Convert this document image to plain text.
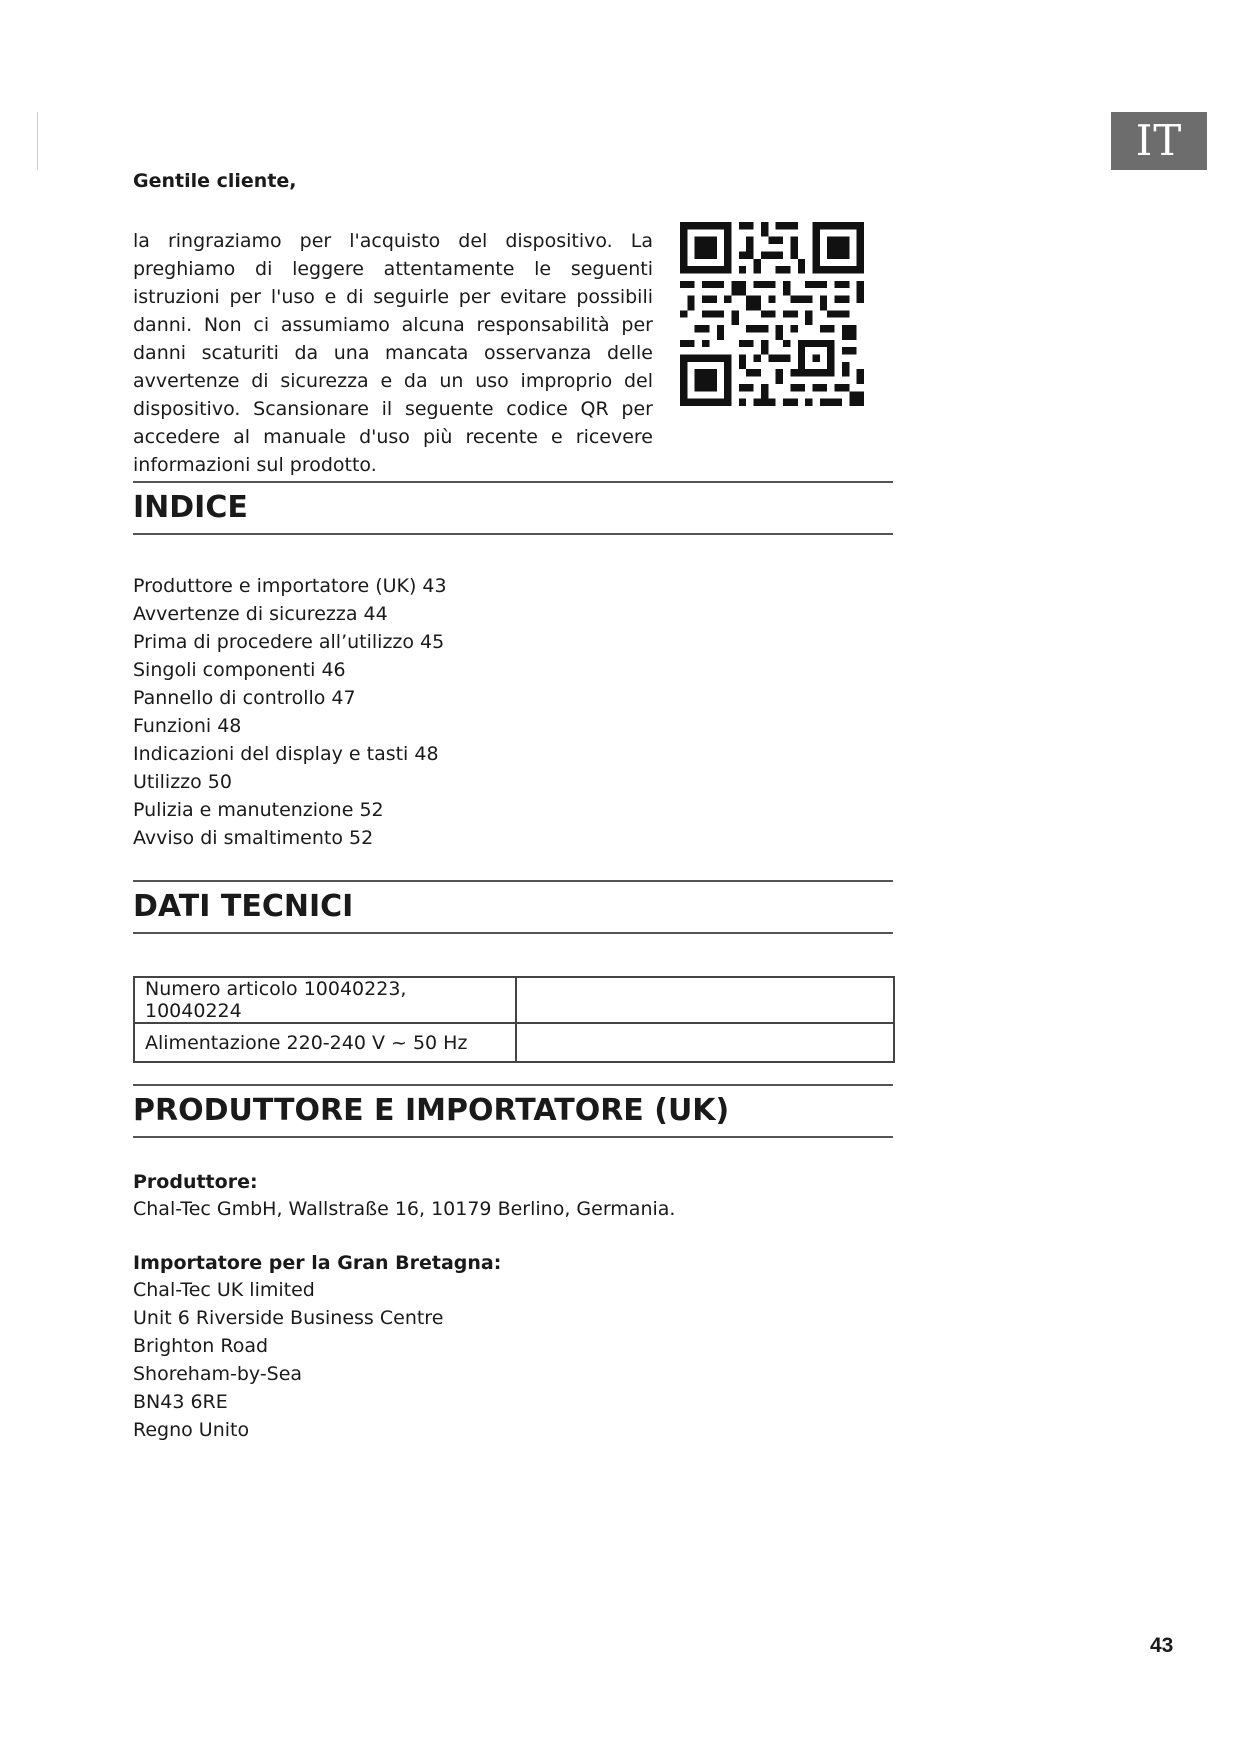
IT
Gentile cliente,
la ringraziamo per l'acquisto del dispositivo. La preghiamo di leggere attentamente le seguenti istruzioni per l'uso e di seguirle per evitare possibili danni. Non ci assumiamo alcuna responsabilità per danni scaturiti da una mancata osservanza delle avvertenze di sicurezza e da un uso improprio del dispositivo. Scansionare il seguente codice QR per accedere al manuale d'uso più recente e ricevere informazioni sul prodotto.
INDICE
Produttore e importatore (UK) 43
Avvertenze di sicurezza 44
Prima di procedere all’utilizzo 45
Singoli componenti 46
Pannello di controllo 47
Funzioni 48
Indicazioni del display e tasti 48
Utilizzo 50
Pulizia e manutenzione 52
Avviso di smaltimento 52
DATI TECNICI
Numero articolo 10040223, 10040224	
Alimentazione 220-240 V ~ 50 Hz	
PRODUTTORE E IMPORTATORE (UK)
Produttore:
Chal-Tec GmbH, Wallstraße 16, 10179 Berlino, Germania.
Importatore per la Gran Bretagna:
Chal-Tec UK limited
Unit 6 Riverside Business Centre
Brighton Road
Shoreham-by-Sea
BN43 6RE
Regno Unito
43
